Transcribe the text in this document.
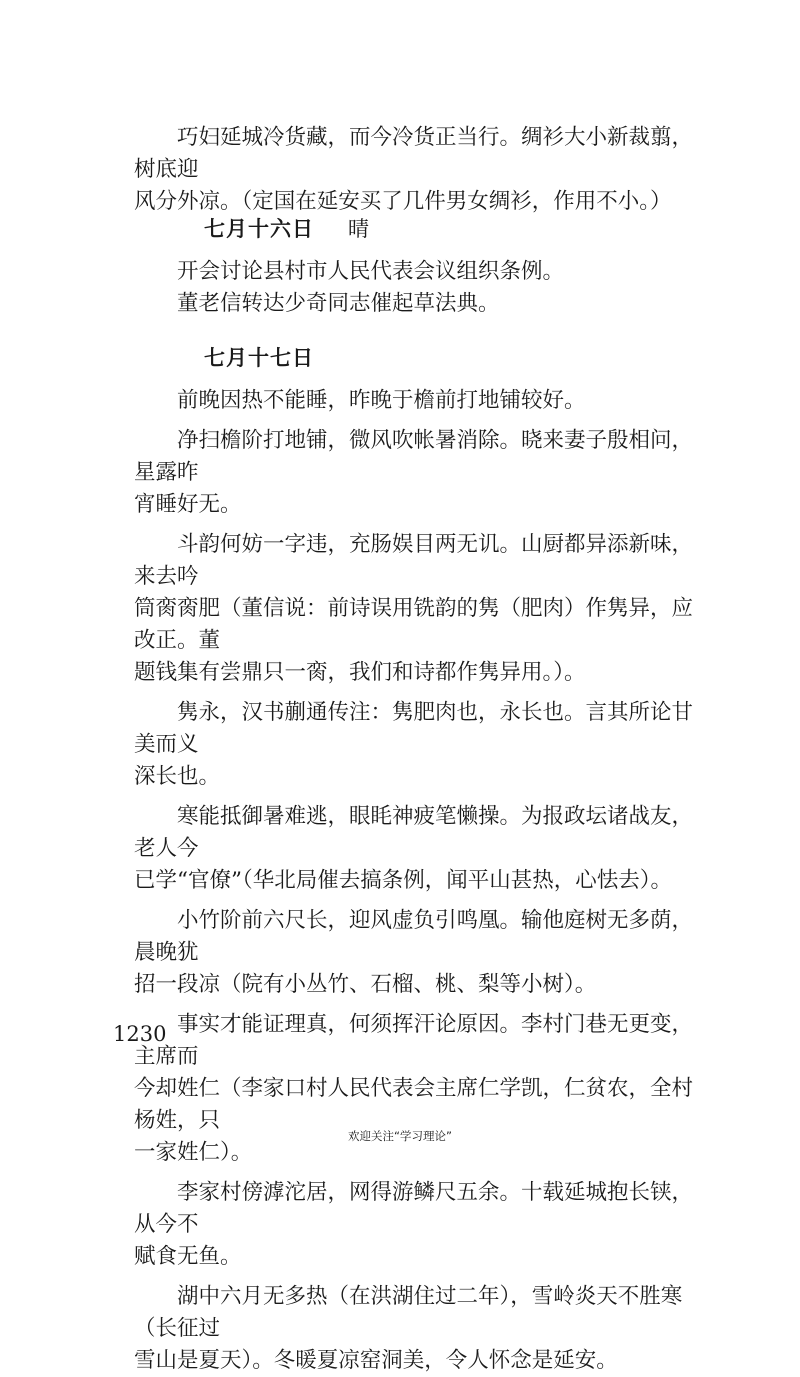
巧妇延城冷货藏，而今冷货正当行。绸衫大小新裁翦，树底迎

风分外凉。（定国在延安买了几件男女绸衫，作用不小。）

七月十六日 晴

开会讨论县村市人民代表会议组织条例。

董老信转达少奇同志催起草法典。

七月十七日

前晚因热不能睡，昨晚于檐前打地铺较好。

净扫檐阶打地铺，微风吹帐暑消除。晓来妻子殷相问，星露昨

宵睡好无。

斗韵何妨一字违，充肠娱目两无讥。山厨都异添新味，来去吟

筒脔脔肥（董信说：前诗误用铣韵的隽（肥肉）作隽异，应改正。董

题钱集有尝鼎只一脔，我们和诗都作隽异用。）。

隽永，汉书蒯通传注：隽肥肉也，永长也。言其所论甘美而义

深长也。

寒能抵御暑难逃，眼眊神疲笔懒操。为报政坛诸战友，老人今

已学“官僚”（华北局催去搞条例，闻平山甚热，心怯去）。

小竹阶前六尺长，迎风虚负引鸣凰。输他庭树无多荫，晨晚犹

招一段凉（院有小丛竹、石榴、桃、梨等小树）。

事实才能证理真，何须挥汗论原因。李村门巷无更变，主席而

今却姓仁（李家口村人民代表会主席仁学凯，仁贫农，全村杨姓，只

一家姓仁）。

李家村傍滹沱居，网得游鳞尺五余。十载延城抱长铗，从今不

赋食无鱼。

湖中六月无多热（在洪湖住过二年），雪岭炎天不胜寒（长征过

雪山是夏天）。冬暖夏凉窑洞美，令人怀念是延安。

1230
欢迎关注“学习理论”
